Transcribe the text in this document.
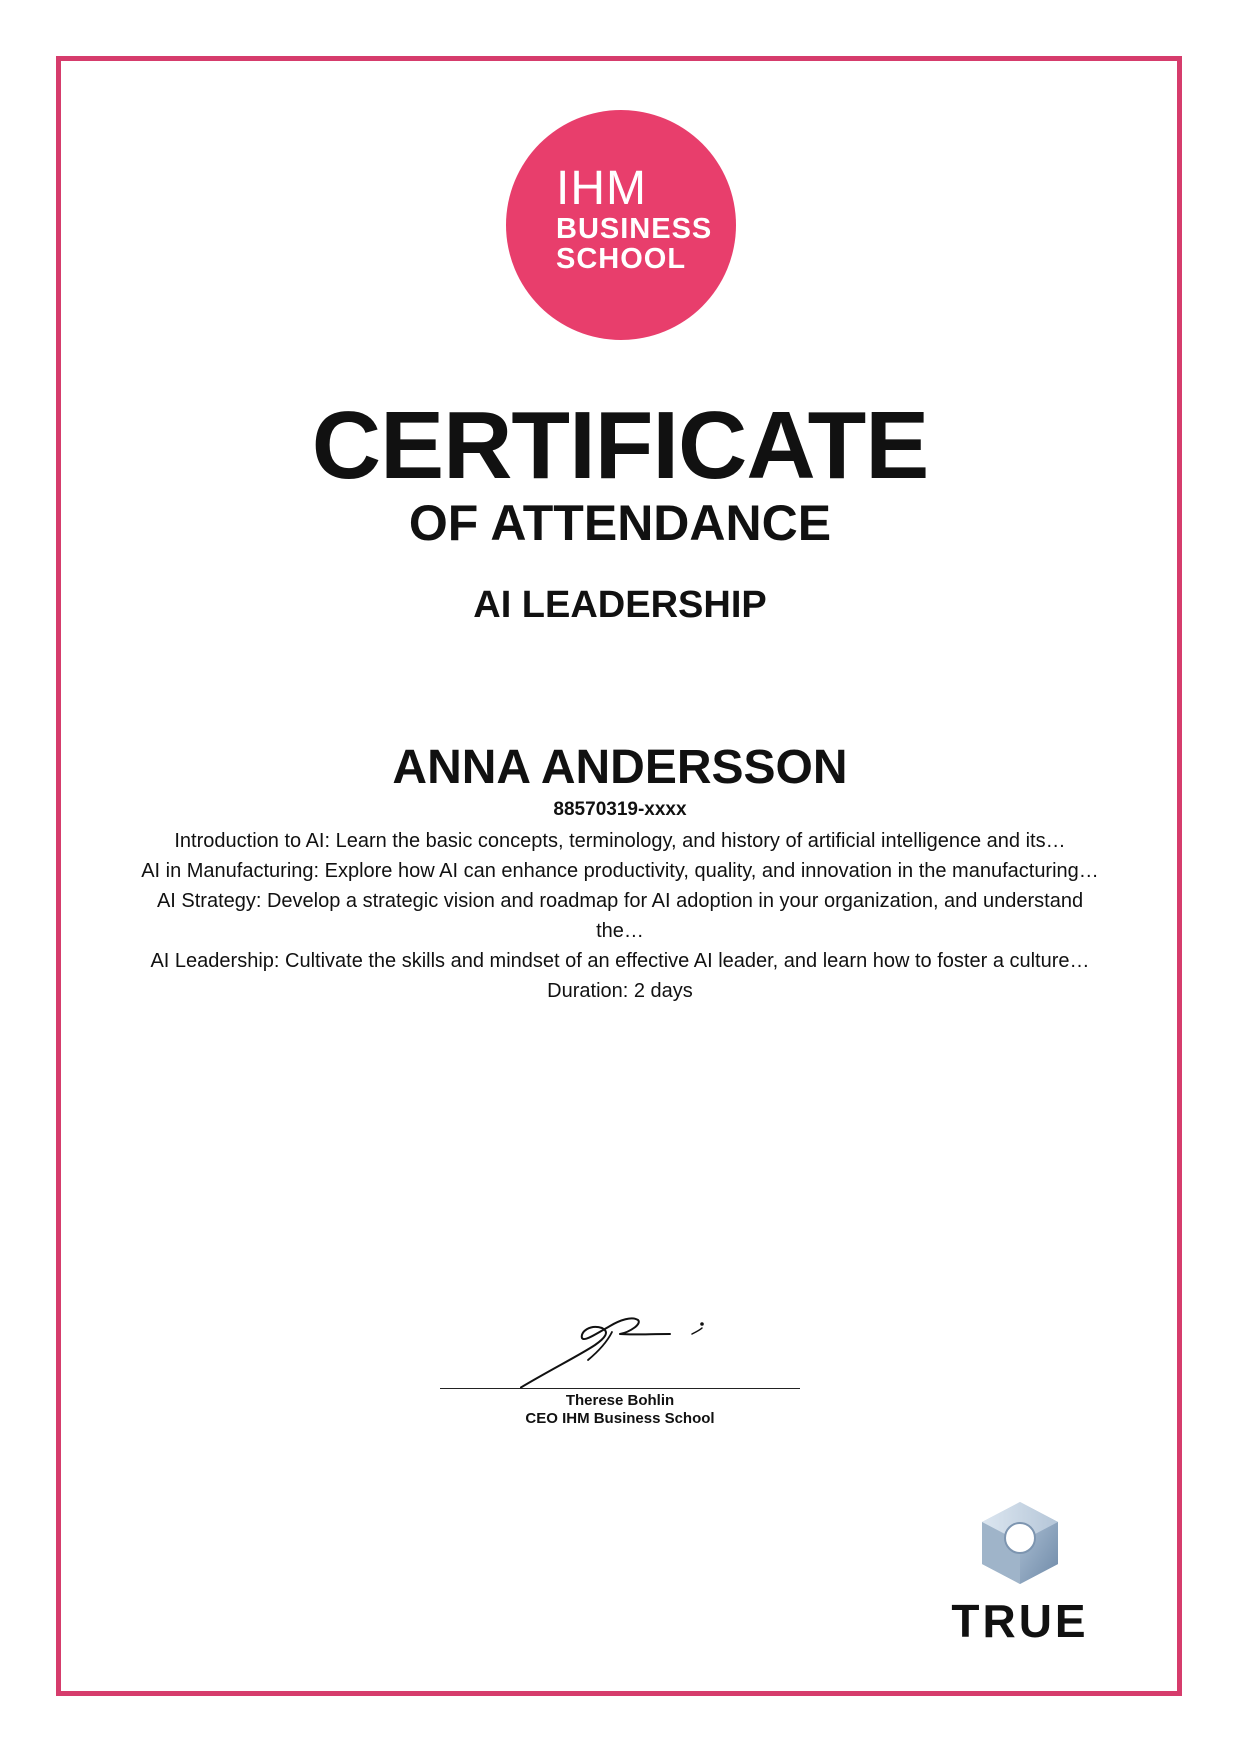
IHM
BUSINESS
SCHOOL
CERTIFICATE
OF ATTENDANCE
AI LEADERSHIP
ANNA ANDERSSON
88570319-xxxx

Introduction to AI: Learn the basic concepts, terminology, and history of artificial intelligence and its…

AI in Manufacturing: Explore how AI can enhance productivity, quality, and innovation in the manufacturing…

AI Strategy: Develop a strategic vision and roadmap for AI adoption in your organization, and understand the…

AI Leadership: Cultivate the skills and mindset of an effective AI leader, and learn how to foster a culture…

Duration: 2 days

Therese Bohlin
CEO IHM Business School
TRUE
